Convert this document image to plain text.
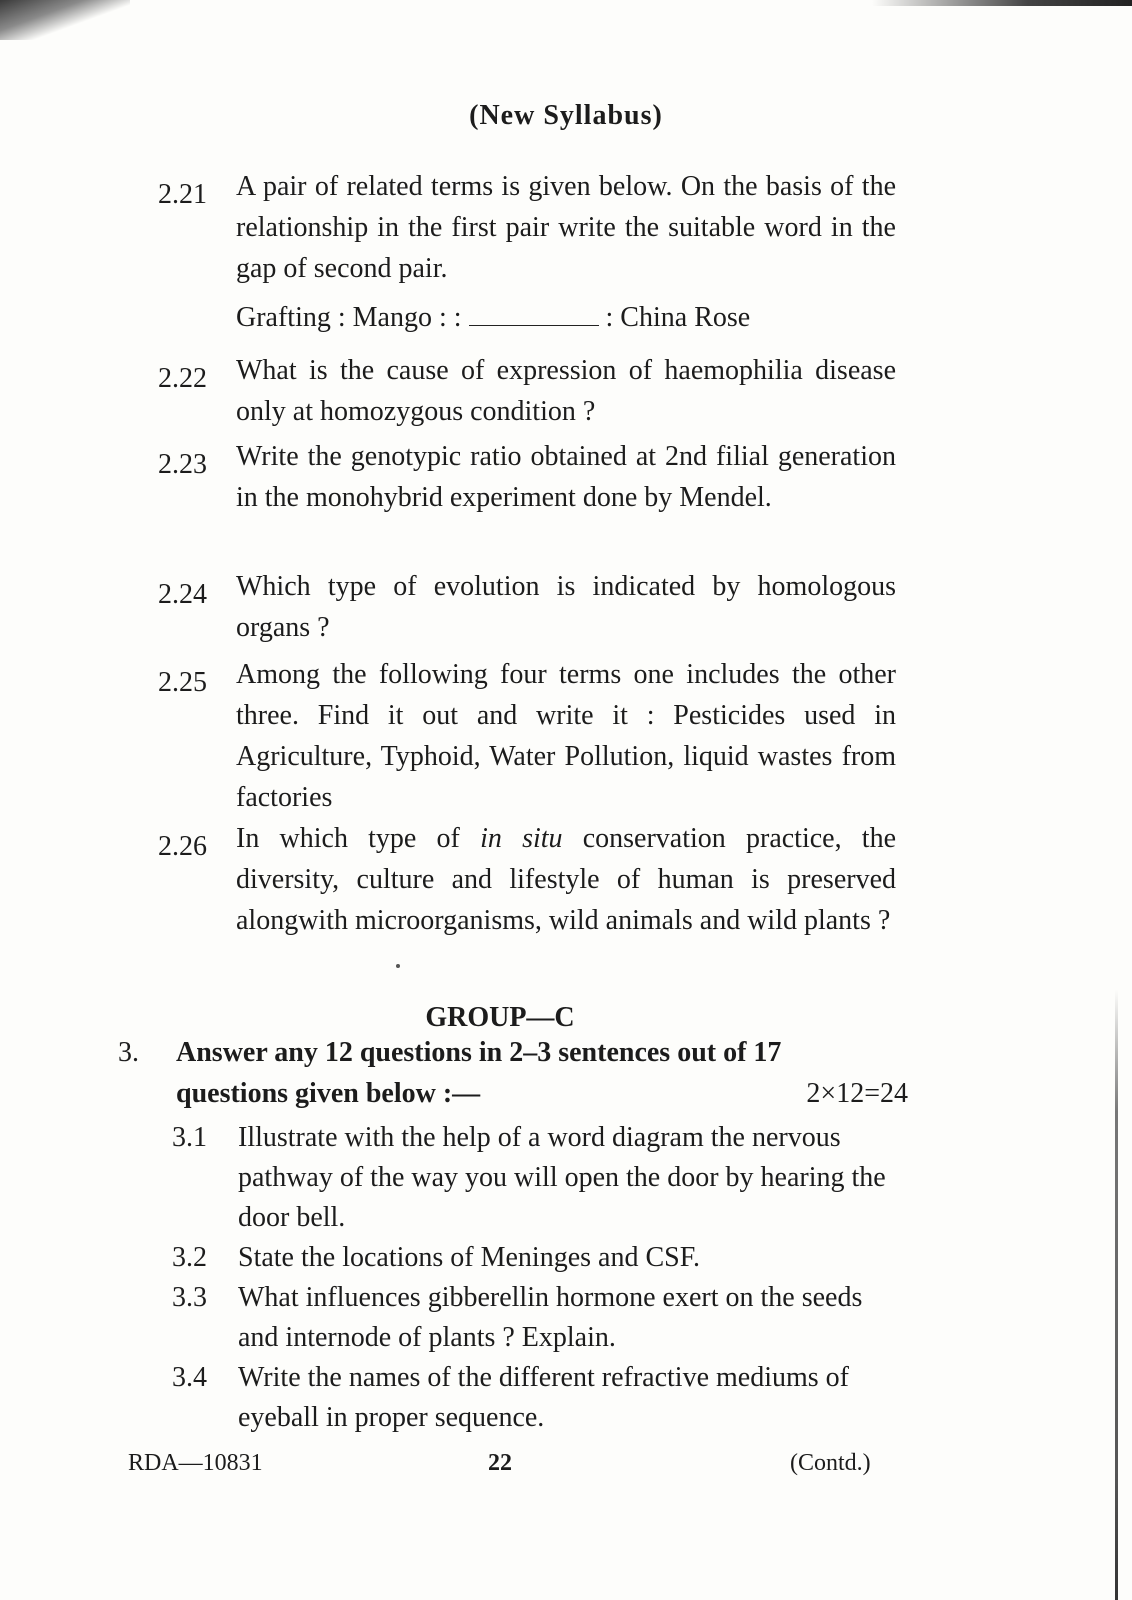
(New Syllabus)
2.21	A pair of related terms is given below. On the basis of the relationship in the first pair write the suitable word in the gap of second pair.
Grafting : Mango : :	: China Rose
2.22	What is the cause of expression of haemophilia disease only at homozygous condition ?
2.23	Write the genotypic ratio obtained at 2nd filial generation in the monohybrid experiment done by Mendel.
2.24	Which type of evolution is indicated by homologous organs ?
2.25	Among the following four terms one includes the other three. Find it out and write it : Pesticides used in Agriculture, Typhoid, Water Pollution, liquid wastes from factories
2.26	In which type of in situ conservation practice, the diversity, culture and lifestyle of human is preserved alongwith microorganisms, wild animals and wild plants ?
GROUP—C
3. Answer any 12 questions in 2–3 sentences out of 17 questions given below :—	2×12=24
3.1	Illustrate with the help of a word diagram the nervous pathway of the way you will open the door by hearing the door bell.
3.2	State the locations of Meninges and CSF.
3.3	What influences gibberellin hormone exert on the seeds and internode of plants ? Explain.
3.4	Write the names of the different refractive mediums of eyeball in proper sequence.
RDA—10831	22	(Contd.)
